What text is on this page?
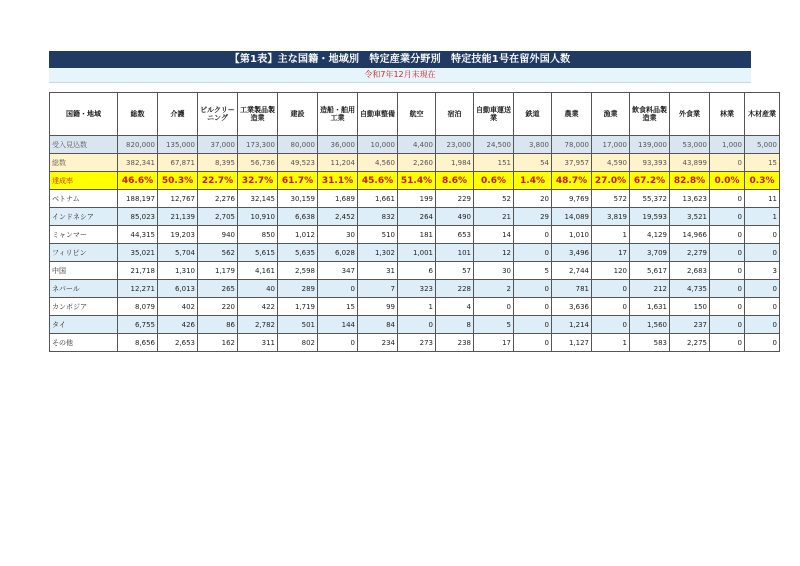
【第1表】主な国籍・地域別　特定産業分野別　特定技能1号在留外国人数
令和7年12月末現在
国籍・地域	総数	介護	ビルクリーニング	工業製品製造業	建設	造船・舶用工業	自動車整備	航空	宿泊	自動車運送業	鉄道	農業	漁業	飲食料品製造業	外食業	林業	木材産業
受入見込数	820,000	135,000	37,000	173,300	80,000	36,000	10,000	4,400	23,000	24,500	3,800	78,000	17,000	139,000	53,000	1,000	5,000
総数	382,341	67,871	8,395	56,736	49,523	11,204	4,560	2,260	1,984	151	54	37,957	4,590	93,393	43,899	0	15
達成率	46.6%	50.3%	22.7%	32.7%	61.7%	31.1%	45.6%	51.4%	8.6%	0.6%	1.4%	48.7%	27.0%	67.2%	82.8%	0.0%	0.3%
ベトナム	188,197	12,767	2,276	32,145	30,159	1,689	1,661	199	229	52	20	9,769	572	55,372	13,623	0	11
インドネシア	85,023	21,139	2,705	10,910	6,638	2,452	832	264	490	21	29	14,089	3,819	19,593	3,521	0	1
ミャンマー	44,315	19,203	940	850	1,012	30	510	181	653	14	0	1,010	1	4,129	14,966	0	0
フィリピン	35,021	5,704	562	5,615	5,635	6,028	1,302	1,001	101	12	0	3,496	17	3,709	2,279	0	0
中国	21,718	1,310	1,179	4,161	2,598	347	31	6	57	30	5	2,744	120	5,617	2,683	0	3
ネパール	12,271	6,013	265	40	289	0	7	323	228	2	0	781	0	212	4,735	0	0
カンボジア	8,079	402	220	422	1,719	15	99	1	4	0	0	3,636	0	1,631	150	0	0
タイ	6,755	426	86	2,782	501	144	84	0	8	5	0	1,214	0	1,560	237	0	0
その他	8,656	2,653	162	311	802	0	234	273	238	17	0	1,127	1	583	2,275	0	0
